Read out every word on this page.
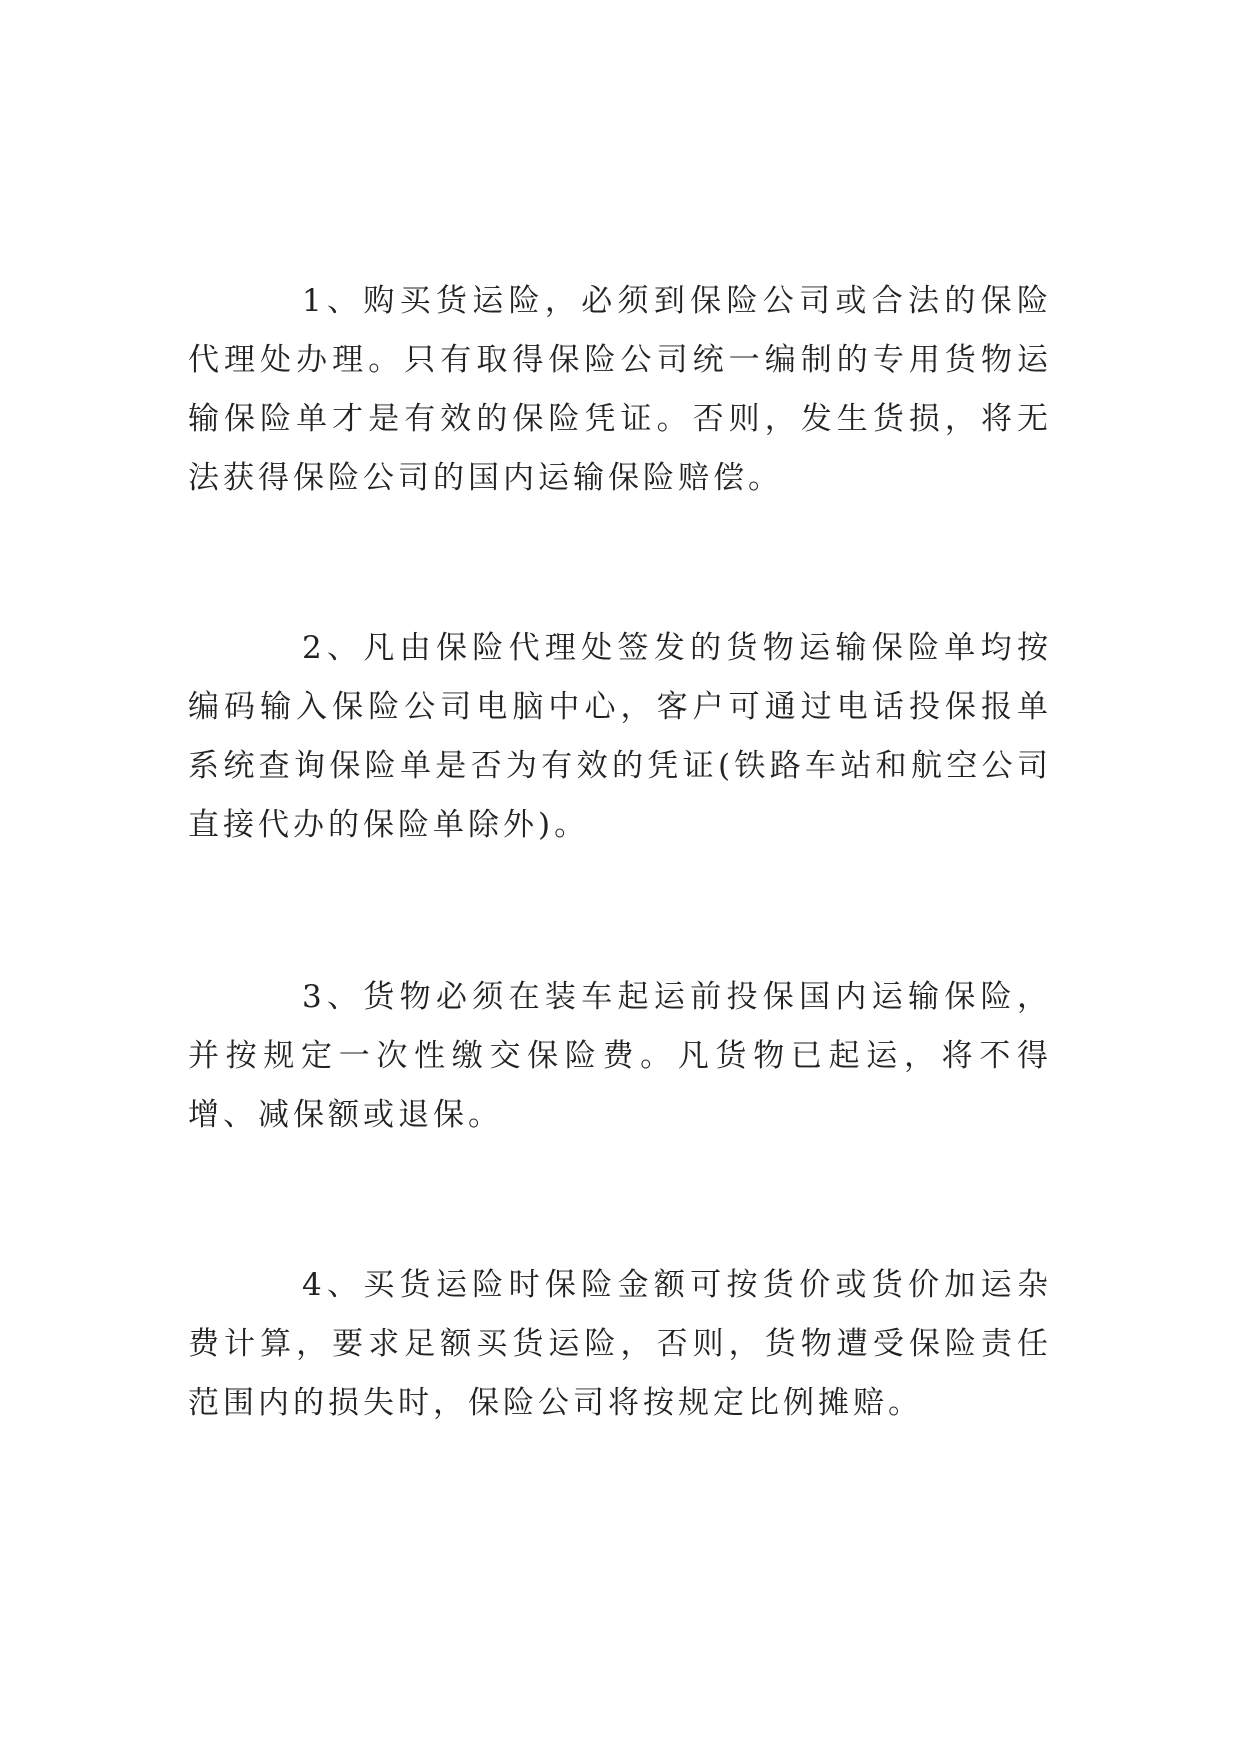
1、购买货运险，必须到保险公司或合法的保险代理处办理。只有取得保险公司统一编制的专用货物运输保险单才是有效的保险凭证。否则，发生货损，将无法获得保险公司的国内运输保险赔偿。

2、凡由保险代理处签发的货物运输保险单均按编码输入保险公司电脑中心，客户可通过电话投保报单系统查询保险单是否为有效的凭证(铁路车站和航空公司直接代办的保险单除外)。

3、货物必须在装车起运前投保国内运输保险，并按规定一次性缴交保险费。凡货物已起运，将不得增、减保额或退保。

4、买货运险时保险金额可按货价或货价加运杂费计算，要求足额买货运险，否则，货物遭受保险责任范围内的损失时，保险公司将按规定比例摊赔。
